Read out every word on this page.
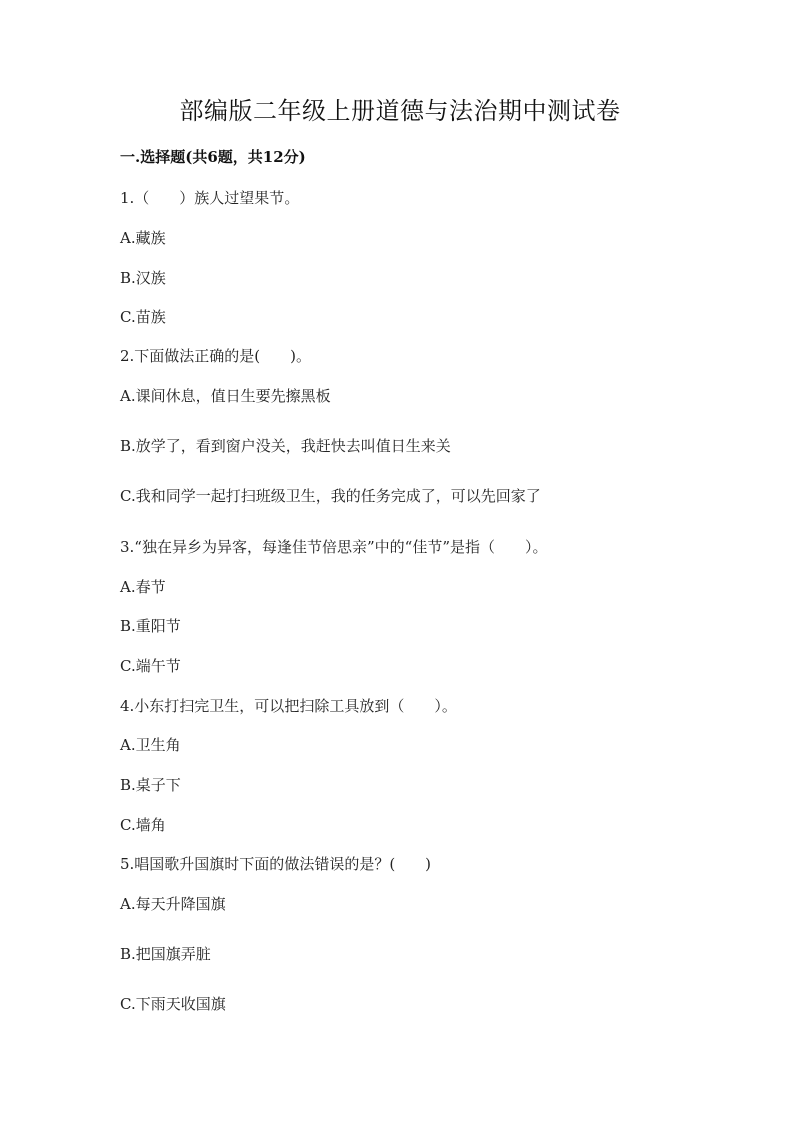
部编版二年级上册道德与法治期中测试卷
一.选择题(共6题，共12分)
1.（　　）族人过望果节。
A.藏族
B.汉族
C.苗族
2.下面做法正确的是(　　)。
A.课间休息，值日生要先擦黑板
B.放学了，看到窗户没关，我赶快去叫值日生来关
C.我和同学一起打扫班级卫生，我的任务完成了，可以先回家了
3.“独在异乡为异客，每逢佳节倍思亲”中的“佳节”是指（　　）。
A.春节
B.重阳节
C.端午节
4.小东打扫完卫生，可以把扫除工具放到（　　）。
A.卫生角
B.桌子下
C.墙角
5.唱国歌升国旗时下面的做法错误的是？(　　)
A.每天升降国旗
B.把国旗弄脏
C.下雨天收国旗
